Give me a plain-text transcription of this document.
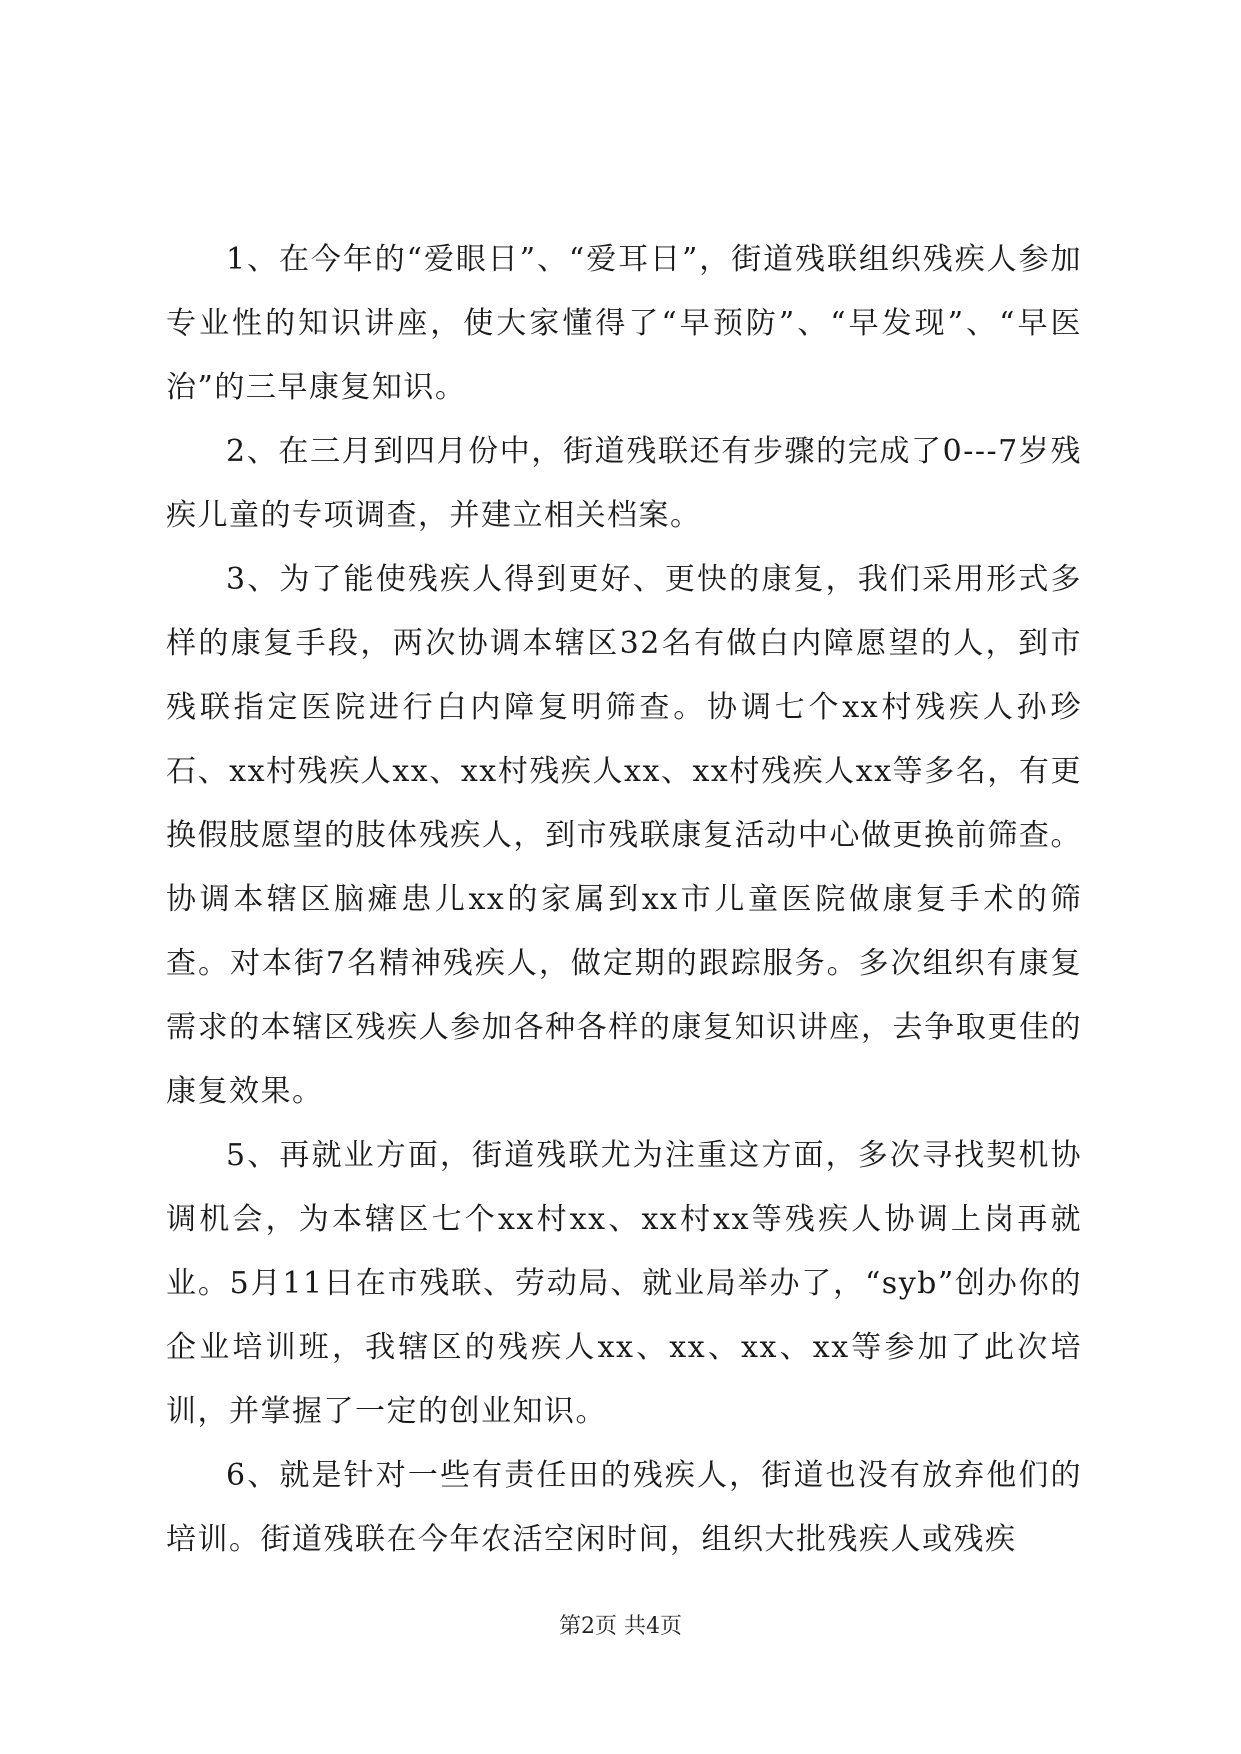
1、在今年的“爱眼日”、“爱耳日”，街道残联组织残疾人参加专业性的知识讲座，使大家懂得了“早预防”、“早发现”、“早医治”的三早康复知识。

2、在三月到四月份中，街道残联还有步骤的完成了0---7岁残疾儿童的专项调查，并建立相关档案。

3、为了能使残疾人得到更好、更快的康复，我们采用形式多样的康复手段，两次协调本辖区32名有做白内障愿望的人，到市残联指定医院进行白内障复明筛查。协调七个xx村残疾人孙珍石、xx村残疾人xx、xx村残疾人xx、xx村残疾人xx等多名，有更换假肢愿望的肢体残疾人，到市残联康复活动中心做更换前筛查。协调本辖区脑瘫患儿xx的家属到xx市儿童医院做康复手术的筛查。对本街7名精神残疾人，做定期的跟踪服务。多次组织有康复需求的本辖区残疾人参加各种各样的康复知识讲座，去争取更佳的康复效果。

5、再就业方面，街道残联尤为注重这方面，多次寻找契机协调机会，为本辖区七个xx村xx、xx村xx等残疾人协调上岗再就业。5月11日在市残联、劳动局、就业局举办了，“syb”创办你的企业培训班，我辖区的残疾人xx、xx、xx、xx等参加了此次培训，并掌握了一定的创业知识。

6、就是针对一些有责任田的残疾人，街道也没有放弃他们的培训。街道残联在今年农活空闲时间，组织大批残疾人或残疾

第2页 共4页
